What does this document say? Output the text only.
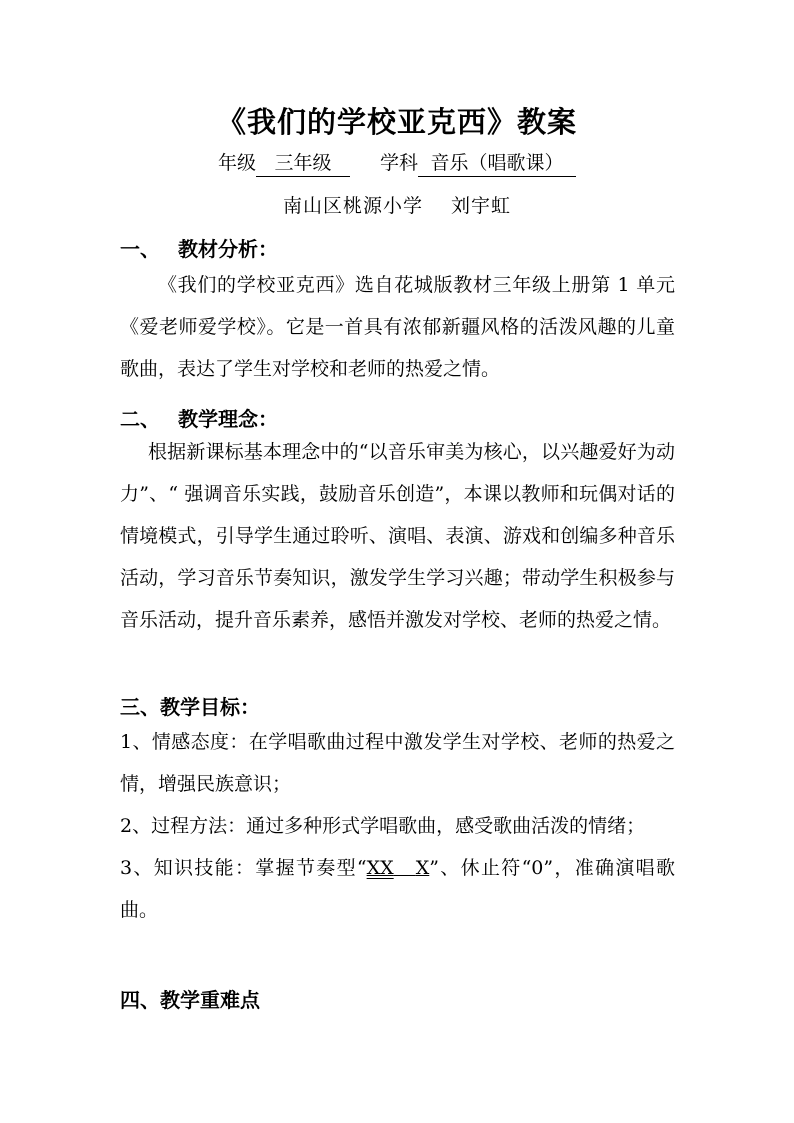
《我们的学校亚克西》教案
年级 三年级	学科 音乐（唱歌课）
南山区桃源小学 刘宇虹
一、 教材分析：

《我们的学校亚克西》选自花城版教材三年级上册第 1 单元《爱老师爱学校》。它是一首具有浓郁新疆风格的活泼风趣的儿童歌曲，表达了学生对学校和老师的热爱之情。

二、 教学理念：

根据新课标基本理念中的“以音乐审美为核心，以兴趣爱好为动力”、“ 强调音乐实践，鼓励音乐创造”，本课以教师和玩偶对话的情境模式，引导学生通过聆听、演唱、表演、游戏和创编多种音乐活动，学习音乐节奏知识，激发学生学习兴趣；带动学生积极参与音乐活动，提升音乐素养，感悟并激发对学校、老师的热爱之情。

三、教学目标：

1、情感态度：在学唱歌曲过程中激发学生对学校、老师的热爱之情，增强民族意识；

2、过程方法：通过多种形式学唱歌曲，感受歌曲活泼的情绪；

3、知识技能：掌握节奏型“XX X”、休止符“0”，准确演唱歌曲。

四、教学重难点
